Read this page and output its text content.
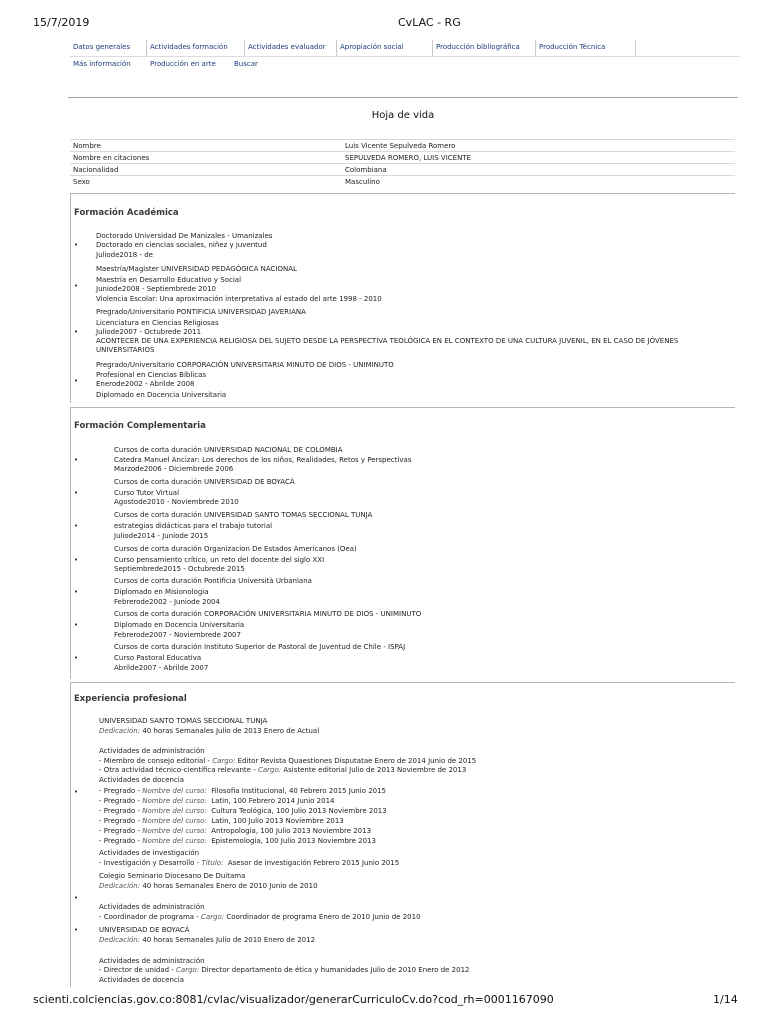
15/7/2019	CvLAC - RG
scienti.colciencias.gov.co:8081/cvlac/visualizador/generarCurriculoCv.do?cod_rh=0001167090	1/14
Datos generales	Actividades formación	Actividades evaluador	Apropiación social	Producción bibliográfica	Producción Técnica
Más información	Producción en arte	Buscar
Hoja de vida
Nombre	Luis Vicente Sepulveda Romero
Nombre en citaciones	SEPULVEDA ROMERO, LUIS VICENTE
Nacionalidad	Colombiana
Sexo	Masculino
Formación Académica
Doctorado Universidad De Manizales - Umanizales
Doctorado en ciencias sociales, niñez y juventud
Juliode2018 - de
Maestría/Magister UNIVERSIDAD PEDAGÓGICA NACIONAL
Maestría en Desarrollo Educativo y Social
Juniode2008 - Septiembrede 2010
Violencia Escolar: Una aproximación interpretativa al estado del arte 1998 - 2010
Pregrado/Universitario PONTIFICIA UNIVERSIDAD JAVERIANA
Licenciatura en Ciencias Religiosas
Juliode2007 - Octubrede 2011
ACONTECER DE UNA EXPERIENCIA RELIGIOSA DEL SUJETO DESDE LA PERSPECTIVA TEOLÓGICA EN EL CONTEXTO DE UNA CULTURA JUVENIL, EN EL CASO DE JÓVENES UNIVERSITARIOS
Pregrado/Universitario CORPORACIÓN UNIVERSITARIA MINUTO DE DIOS - UNIMINUTO
Profesional en Ciencias Bíblicas
Enerode2002 - Abrilde 2008
Diplomado en Docencia Universitaria
•
•
•
•
Formación Complementaria
Cursos de corta duración UNIVERSIDAD NACIONAL DE COLOMBIA
Catedra Manuel Ancizar: Los derechos de los niños, Realidades, Retos y Perspectivas
Marzode2006 - Diciembrede 2006
Cursos de corta duración UNIVERSIDAD DE BOYACÁ
Curso Tutor Virtual
Agostode2010 - Noviembrede 2010
Cursos de corta duración UNIVERSIDAD SANTO TOMAS SECCIONAL TUNJA
estrategias didácticas para el trabajo tutorial
Juliode2014 - Juniode 2015
Cursos de corta duración Organizacion De Estados Americanos (Oea)
Curso pensamiento crítico, un reto del docente del siglo XXI
Septiembrede2015 - Octubrede 2015
Cursos de corta duración Pontificia Università Urbaniana
Diplomado en Misionologia
Febrerode2002 - Juniode 2004
Cursos de corta duración CORPORACIÓN UNIVERSITARIA MINUTO DE DIOS - UNIMINUTO
Diplomado en Docencia Universitaria
Febrerode2007 - Noviembrede 2007
Cursos de corta duración Instituto Superior de Pastoral de Juventud de Chile - ISPAJ
Curso Pastoral Educativa
Abrilde2007 - Abrilde 2007
•
•
•
•
•
•
•
Experiencia profesional
UNIVERSIDAD SANTO TOMAS SECCIONAL TUNJA
Dedicación: 40 horas Semanales Julio de 2013 Enero de Actual
Actividades de administración
- Miembro de consejo editorial - Cargo: Editor Revista Quaestiones Disputatae Enero de 2014 Junio de 2015
- Otra actividad técnico-científica relevante - Cargo: Asistente editorial Julio de 2013 Noviembre de 2013
Actividades de docencia
- Pregrado - Nombre del curso: Filosofia Institucional, 40 Febrero 2015 Junio 2015
- Pregrado - Nombre del curso: Latin, 100 Febrero 2014 Junio 2014
- Pregrado - Nombre del curso: Cultura Teológica, 100 Julio 2013 Noviembre 2013
- Pregrado - Nombre del curso: Latin, 100 Julio 2013 Noviembre 2013
- Pregrado - Nombre del curso: Antropologia, 100 Julio 2013 Noviembre 2013
- Pregrado - Nombre del curso: Epistemologia, 100 Julio 2013 Noviembre 2013
Actividades de investigación
- Investigación y Desarrollo - Título: Asesor de investigación Febrero 2015 Junio 2015
Colegio Seminario Diocesano De Duitama
Dedicación: 40 horas Semanales Enero de 2010 Junio de 2010
Actividades de administración
- Coordinador de programa - Cargo: Coordinador de programa Enero de 2010 Junio de 2010
UNIVERSIDAD DE BOYACÁ
Dedicación: 40 horas Semanales Julio de 2010 Enero de 2012
Actividades de administración
- Director de unidad - Cargo: Director departamento de ética y humanidades Julio de 2010 Enero de 2012
Actividades de docencia
•
•
•
